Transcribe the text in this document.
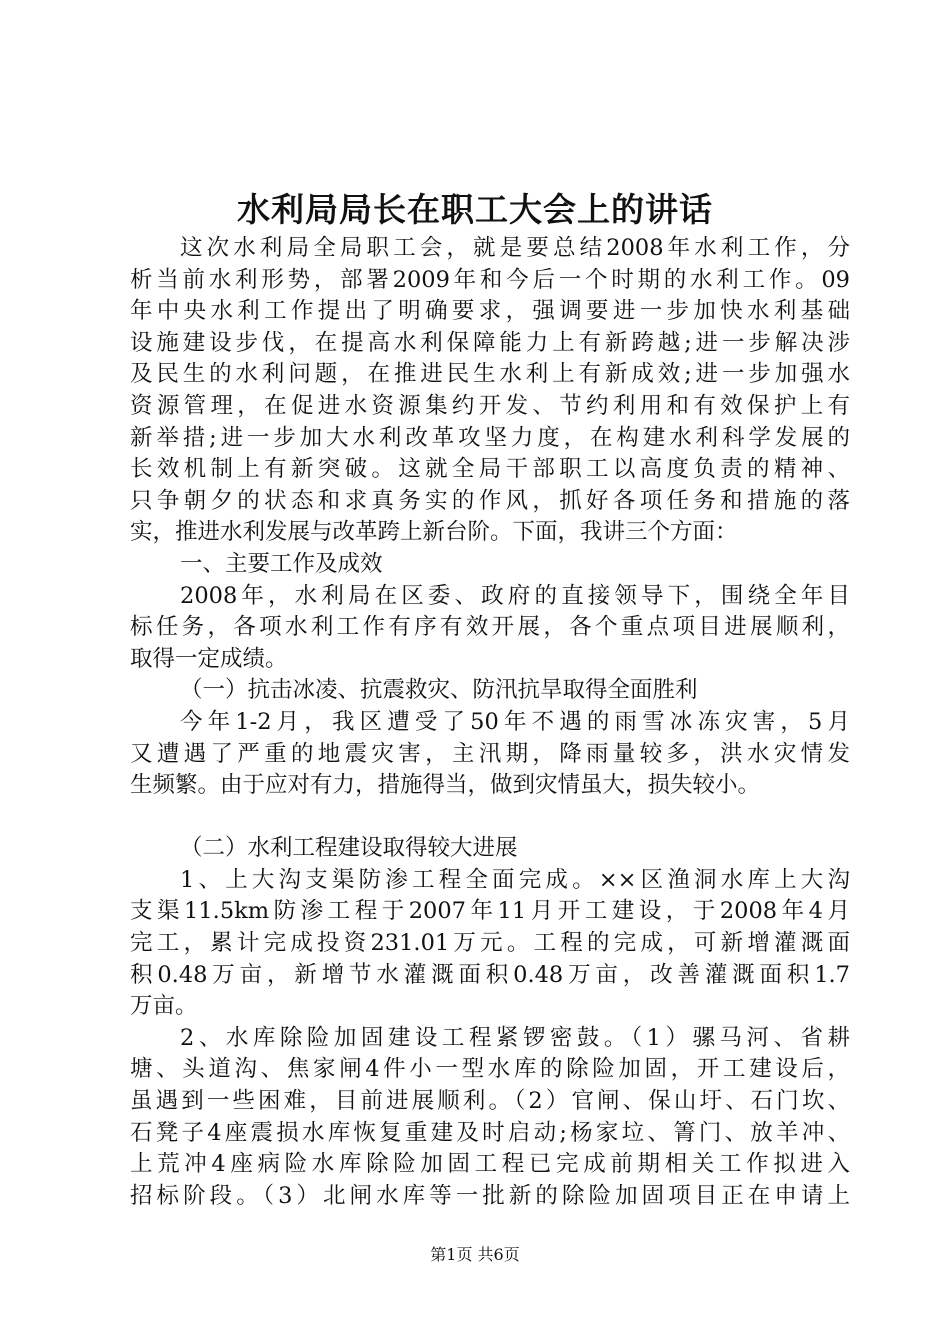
水利局局长在职工大会上的讲话
这次水利局全局职工会，就是要总结2008年水利工作，分
析当前水利形势，部署2009年和今后一个时期的水利工作。09
年中央水利工作提出了明确要求，强调要进一步加快水利基础
设施建设步伐，在提高水利保障能力上有新跨越;进一步解决涉
及民生的水利问题，在推进民生水利上有新成效;进一步加强水
资源管理，在促进水资源集约开发、节约利用和有效保护上有
新举措;进一步加大水利改革攻坚力度，在构建水利科学发展的
长效机制上有新突破。这就全局干部职工以高度负责的精神、
只争朝夕的状态和求真务实的作风，抓好各项任务和措施的落
实，推进水利发展与改革跨上新台阶。下面，我讲三个方面：
一、主要工作及成效
2008年，水利局在区委、政府的直接领导下，围绕全年目
标任务，各项水利工作有序有效开展，各个重点项目进展顺利，
取得一定成绩。
（一）抗击冰凌、抗震救灾、防汛抗旱取得全面胜利
今年1-2月，我区遭受了50年不遇的雨雪冰冻灾害，5月
又遭遇了严重的地震灾害，主汛期，降雨量较多，洪水灾情发
生频繁。由于应对有力，措施得当，做到灾情虽大，损失较小。
（二）水利工程建设取得较大进展
1、上大沟支渠防渗工程全面完成。××区渔洞水库上大沟
支渠11.5km防渗工程于2007年11月开工建设，于2008年4月
完工，累计完成投资231.01万元。工程的完成，可新增灌溉面
积0.48万亩，新增节水灌溉面积0.48万亩，改善灌溉面积1.7
万亩。
2、水库除险加固建设工程紧锣密鼓。（1）骡马河、省耕
塘、头道沟、焦家闸4件小一型水库的除险加固，开工建设后，
虽遇到一些困难，目前进展顺利。（2）官闸、保山圩、石门坎、
石凳子4座震损水库恢复重建及时启动;杨家垃、箐门、放羊冲、
上荒冲4座病险水库除险加固工程已完成前期相关工作拟进入
招标阶段。（3）北闸水库等一批新的除险加固项目正在申请上
第1页 共6页
